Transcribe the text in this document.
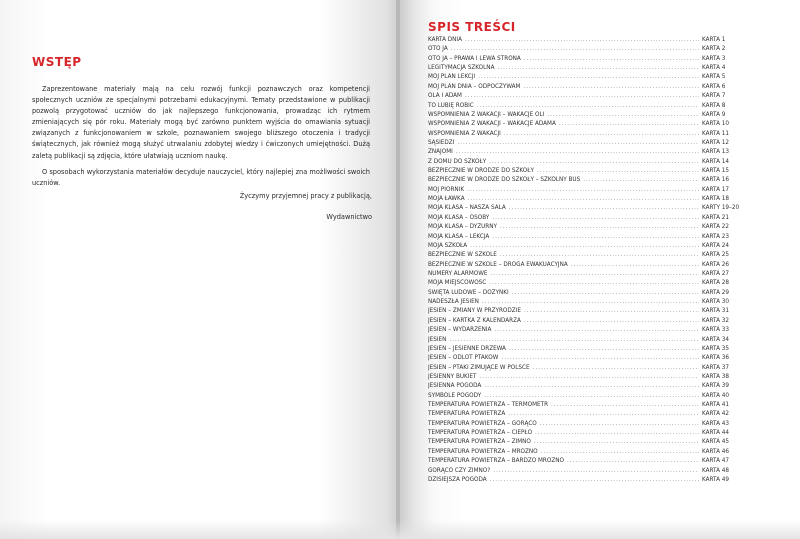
WSTĘP

Zaprezentowane materiały mają na celu rozwój funkcji poznawczych oraz kompetencji społecznych uczniów ze specjalnymi potrzebami edukacyjnymi. Tematy przedstawione w publikacji pozwolą przygotować uczniów do jak najlepszego funkcjonowania, prowadząc ich rytmem zmieniających się pór roku. Materiały mogą być zarówno punktem wyjścia do omawiania sytuacji związanych z funkcjonowaniem w szkole, poznawaniem swojego bliższego otoczenia i tradycji świątecznych, jak również mogą służyć utrwalaniu zdobytej wiedzy i ćwiczonych umiejętności. Dużą zaletą publikacji są zdjęcia, które ułatwiają uczniom naukę.

O sposobach wykorzystania materiałów decyduje nauczyciel, który najlepiej zna możliwości swoich uczniów.

Życzymy przyjemnej pracy z publikacją,
Wydawnictwo
SPIS TREŚCI
KARTA DNIA .....	KARTA 1
OTO JA .....	KARTA 2
OTO JA – PRAWA I LEWA STRONA .....	KARTA 3
LEGITYMACJA SZKOLNA .....	KARTA 4
MÓJ PLAN LEKCJI .....	KARTA 5
MÓJ PLAN DNIA – ODPOCZYWAM .....	KARTA 6
OLA I ADAM .....	KARTA 7
TO LUBIĘ ROBIĆ .....	KARTA 8
WSPOMNIENIA Z WAKACJI – WAKACJE OLI .....	KARTA 9
WSPOMNIENIA Z WAKACJI – WAKACJE ADAMA .....	KARTA 10
WSPOMNIENIA Z WAKACJI .....	KARTA 11
SĄSIEDZI .....	KARTA 12
ZNAJOMI .....	KARTA 13
Z DOMU DO SZKOŁY .....	KARTA 14
BEZPIECZNIE W DRODZE DO SZKOŁY .....	KARTA 15
BEZPIECZNIE W DRODZE DO SZKOŁY – SZKOLNY BUS .....	KARTA 16
MÓJ PIÓRNIK .....	KARTA 17
MOJA ŁAWKA .....	KARTA 18
MOJA KLASA – NASZA SALA .....	KARTY 19–20
MOJA KLASA – OSOBY .....	KARTA 21
MOJA KLASA – DYŻURNY .....	KARTA 22
MOJA KLASA – LEKCJA .....	KARTA 23
MOJA SZKOŁA .....	KARTA 24
BEZPIECZNIE W SZKOLE .....	KARTA 25
BEZPIECZNIE W SZKOLE – DROGA EWAKUACYJNA .....	KARTA 26
NUMERY ALARMOWE .....	KARTA 27
MOJA MIEJSCOWOŚĆ .....	KARTA 28
ŚWIĘTA LUDOWE – DOŻYNKI .....	KARTA 29
NADESZŁA JESIEŃ .....	KARTA 30
JESIEŃ – ZMIANY W PRZYRODZIE .....	KARTA 31
JESIEŃ – KARTKA Z KALENDARZA .....	KARTA 32
JESIEŃ – WYDARZENIA .....	KARTA 33
JESIEŃ .....	KARTA 34
JESIEŃ – JESIENNE DRZEWA .....	KARTA 35
JESIEŃ – ODLOT PTAKÓW .....	KARTA 36
JESIEŃ – PTAKI ZIMUJĄCE W POLSCE .....	KARTA 37
JESIENNY BUKIET .....	KARTA 38
JESIENNA POGODA .....	KARTA 39
SYMBOLE POGODY .....	KARTA 40
TEMPERATURA POWIETRZA – TERMOMETR .....	KARTA 41
TEMPERATURA POWIETRZA .....	KARTA 42
TEMPERATURA POWIETRZA – GORĄCO .....	KARTA 43
TEMPERATURA POWIETRZA – CIEPŁO .....	KARTA 44
TEMPERATURA POWIETRZA – ZIMNO .....	KARTA 45
TEMPERATURA POWIETRZA – MROŹNO .....	KARTA 46
TEMPERATURA POWIETRZA – BARDZO MROŹNO .....	KARTA 47
GORĄCO CZY ZIMNO? .....	KARTA 48
DZISIEJSZA POGODA .....	KARTA 49
